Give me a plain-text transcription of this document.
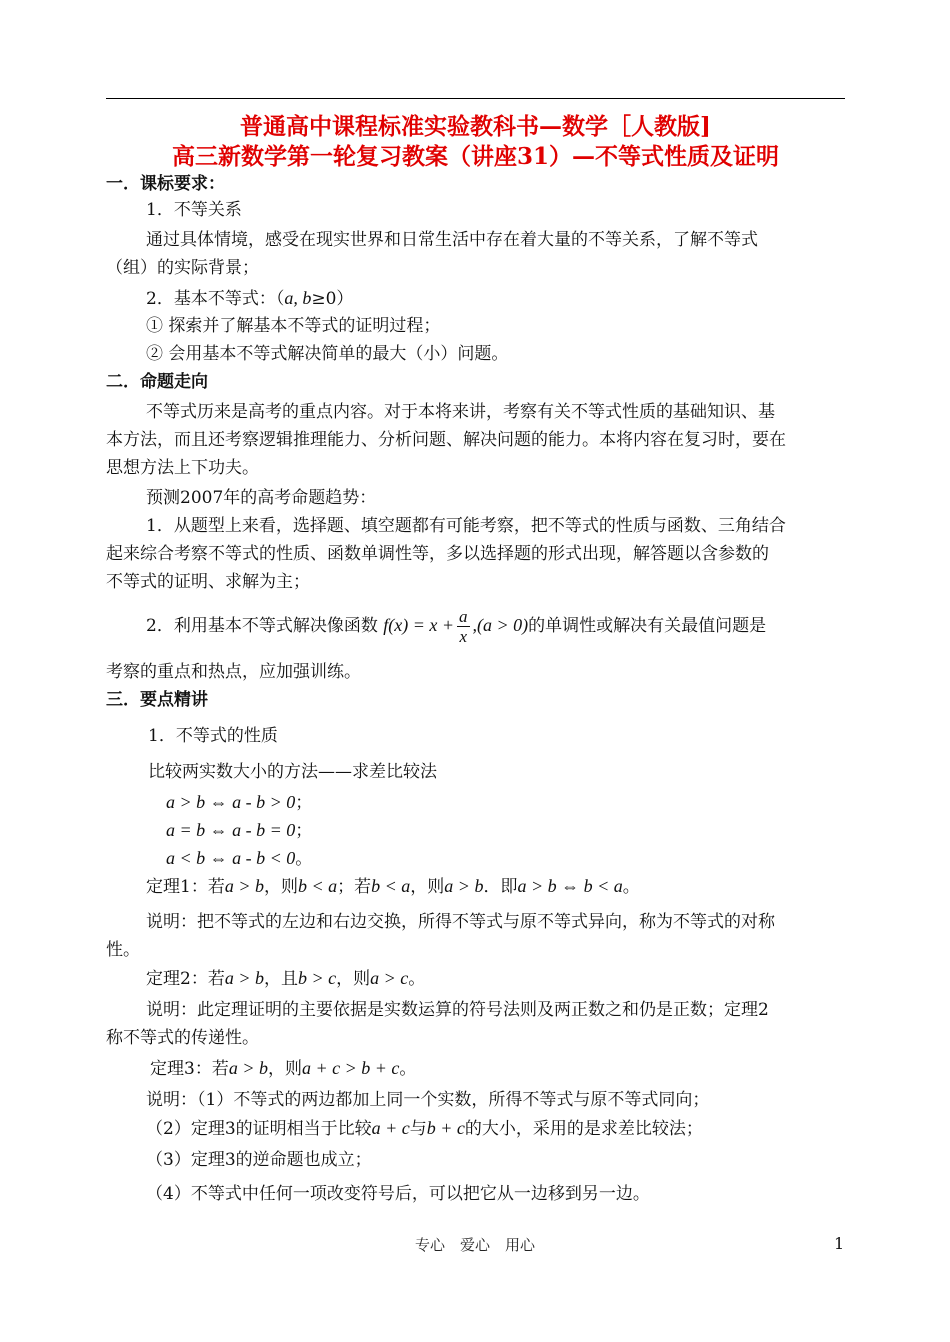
普通高中课程标准实验教科书—数学［人教版]
高三新数学第一轮复习教案（讲座31）—不等式性质及证明
一．课标要求：
1．不等关系
通过具体情境，感受在现实世界和日常生活中存在着大量的不等关系，了解不等式
（组）的实际背景；
2．基本不等式：（a, b≥0）
① 探索并了解基本不等式的证明过程；
② 会用基本不等式解决简单的最大（小）问题。
二．命题走向
不等式历来是高考的重点内容。对于本将来讲，考察有关不等式性质的基础知识、基
本方法，而且还考察逻辑推理能力、分析问题、解决问题的能力。本将内容在复习时，要在
思想方法上下功夫。
预测2007年的高考命题趋势：
1．从题型上来看，选择题、填空题都有可能考察，把不等式的性质与函数、三角结合
起来综合考察不等式的性质、函数单调性等，多以选择题的形式出现，解答题以含参数的
不等式的证明、求解为主；
2．利用基本不等式解决像函数 $f(x) = x + \frac{a}{x} ,(a > 0)$的单调性或解决有关最值问题是
考察的重点和热点，应加强训练。
三．要点精讲
1．不等式的性质
比较两实数大小的方法——求差比较法
a > b ⇔ a - b > 0；
a = b ⇔ a - b = 0；
a < b ⇔ a - b < 0。
定理1：若a > b，则b < a；若b < a，则a > b．即a > b ⇔ b < a。
说明：把不等式的左边和右边交换，所得不等式与原不等式异向，称为不等式的对称
性。
定理2：若a > b，且b > c，则a > c。
说明：此定理证明的主要依据是实数运算的符号法则及两正数之和仍是正数；定理2
称不等式的传递性。
定理3：若a > b，则a + c > b + c。
说明：（1）不等式的两边都加上同一个实数，所得不等式与原不等式同向；
（2）定理3的证明相当于比较a + c与b + c的大小，采用的是求差比较法；
（3）定理3的逆命题也成立；
（4）不等式中任何一项改变符号后，可以把它从一边移到另一边。
专心　爱心　用心	1
